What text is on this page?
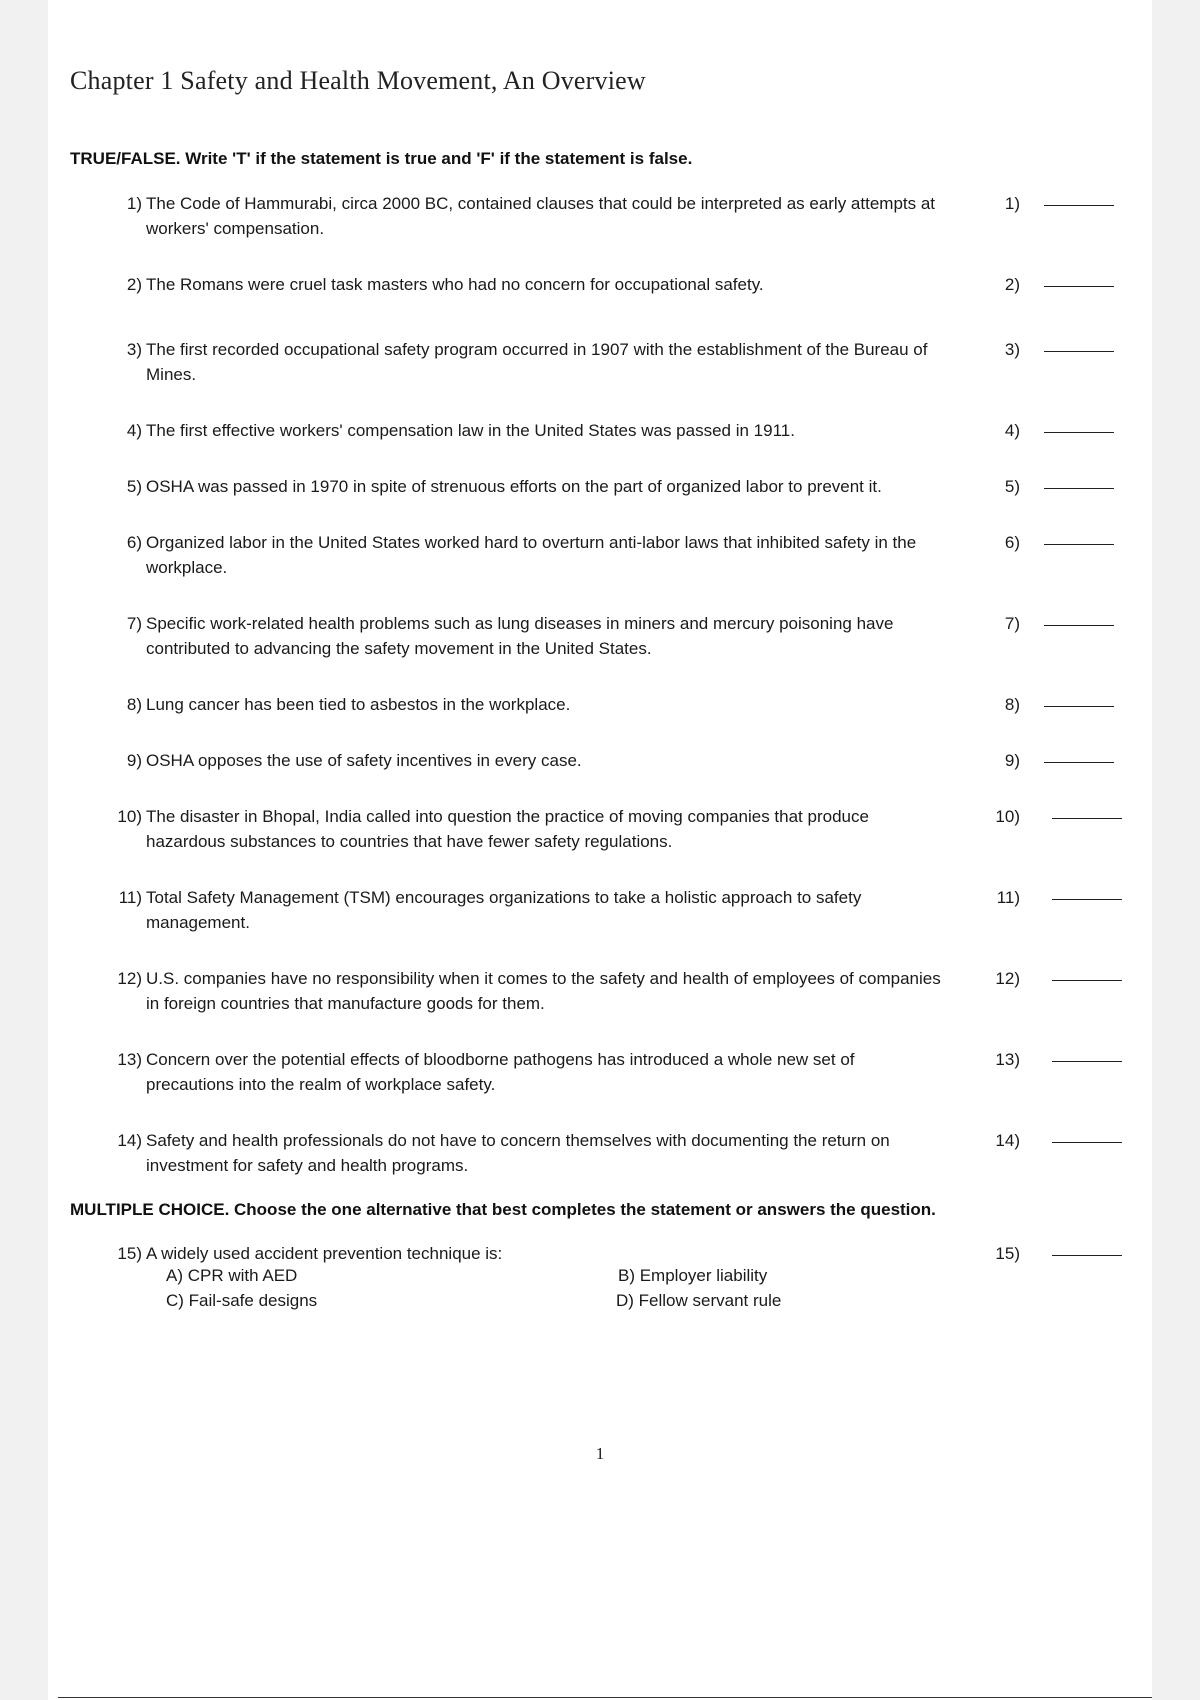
Chapter 1 Safety and Health Movement, An Overview
TRUE/FALSE. Write 'T' if the statement is true and 'F' if the statement is false.
1) The Code of Hammurabi, circa 2000 BC, contained clauses that could be interpreted as early attempts at workers' compensation.
1)
2) The Romans were cruel task masters who had no concern for occupational safety.	2)
3) The first recorded occupational safety program occurred in 1907 with the establishment of the Bureau of Mines.
3)
4) The first effective workers' compensation law in the United States was passed in 1911.	4)
5) OSHA was passed in 1970 in spite of strenuous efforts on the part of organized labor to prevent it.	5)
6) Organized labor in the United States worked hard to overturn anti-labor laws that inhibited safety in the workplace.
6)
7) Specific work-related health problems such as lung diseases in miners and mercury poisoning have contributed to advancing the safety movement in the United States.
7)
8) Lung cancer has been tied to asbestos in the workplace.	8)
9) OSHA opposes the use of safety incentives in every case.	9)
10) The disaster in Bhopal, India called into question the practice of moving companies that produce hazardous substances to countries that have fewer safety regulations.
10)
11) Total Safety Management (TSM) encourages organizations to take a holistic approach to safety management.
11)
12) U.S. companies have no responsibility when it comes to the safety and health of employees of companies in foreign countries that manufacture goods for them.
12)
13) Concern over the potential effects of bloodborne pathogens has introduced a whole new set of precautions into the realm of workplace safety.
13)
14) Safety and health professionals do not have to concern themselves with documenting the return on investment for safety and health programs.
14)
MULTIPLE CHOICE. Choose the one alternative that best completes the statement or answers the question.
15) A widely used accident prevention technique is:	15)
A) CPR with AED	B) Employer liability
C) Fail-safe designs	D) Fellow servant rule
1
